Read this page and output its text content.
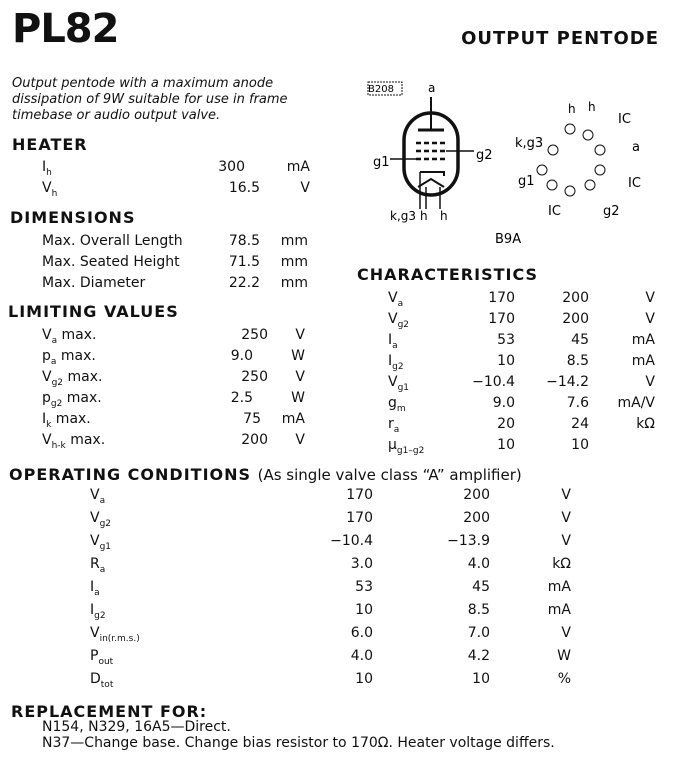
PL82	OUTPUT PENTODE
Output pentode with a maximum anode dissipation of 9W suitable for use in frame timebase or audio output valve.
HEATER
$I_h$	300	mA
$V_h$	16.5	V
DIMENSIONS
Max. Overall Length	78.5 mm
Max. Seated Height	71.5 mm
Max. Diameter	22.2 mm
LIMITING VALUES
$V_a$ max.	250 V
$p_a$ max.	9.0	W
$V_{g2}$ max.	250 V
$p_{g2}$ max.	2.5	W
$I_k$ max.	75 mA
$V_{h-k}$ max.	200 V
B208	a
g1	g2
k,g3 h h
B9A
h h
IC
a
IC
g2
IC
g1
k,g3
CHARACTERISTICS
$V_a$	170	200	V
$V_{g2}$	170	200	V
$I_a$	53	45	mA
$I_{g2}$	10	8.5	mA
$V_{g1}$	−10.4 −14.2	V
$g_m$	9.0	7.6 mA/V
$r_a$	20	24	kΩ
$\mu_{g1-g2}$	10	10
OPERATING CONDITIONS (As single valve class “A” amplifier)
$V_a$	170	200	V
$V_{g2}$	170	200	V
$V_{g1}$	−10.4	−13.9	V
$R_a$	3.0	4.0	kΩ
$I_a$	53	45	mA
$I_{g2}$	10	8.5	mA
$V_{in(r.m.s.)}$	6.0	7.0	V
$P_{out}$	4.0	4.2	W
$D_{tot}$	10	10	%
REPLACEMENT FOR:
N154, N329, 16A5—Direct.
N37—Change base. Change bias resistor to 170Ω. Heater voltage differs.
